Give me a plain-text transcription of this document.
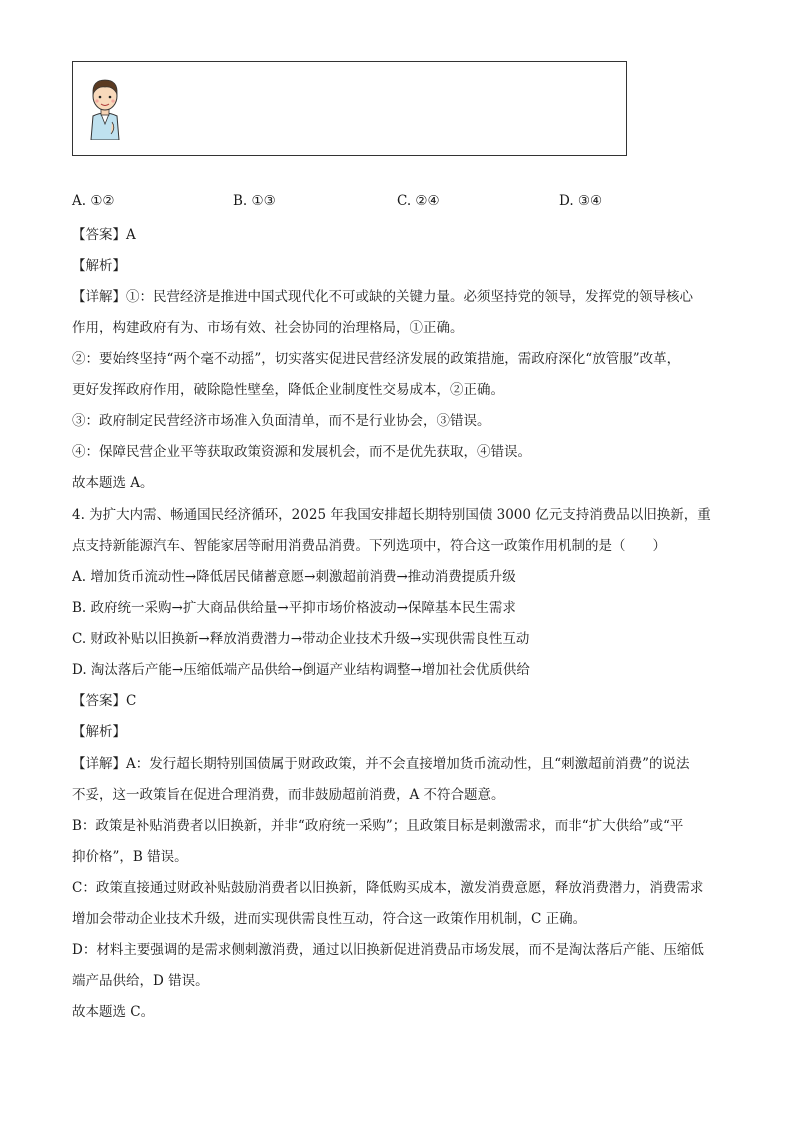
A. ①②	B. ①③	C. ②④	D. ③④
【答案】A
【解析】
【详解】①：民营经济是推进中国式现代化不可或缺的关键力量。必须坚持党的领导，发挥党的领导核心
作用，构建政府有为、市场有效、社会协同的治理格局，①正确。
②：要始终坚持“两个毫不动摇”，切实落实促进民营经济发展的政策措施，需政府深化“放管服”改革，
更好发挥政府作用，破除隐性壁垒，降低企业制度性交易成本，②正确。
③：政府制定民营经济市场准入负面清单，而不是行业协会，③错误。
④：保障民营企业平等获取政策资源和发展机会，而不是优先获取，④错误。
故本题选 A。
4. 为扩大内需、畅通国民经济循环，2025 年我国安排超长期特别国债 3000 亿元支持消费品以旧换新，重
点支持新能源汽车、智能家居等耐用消费品消费。下列选项中，符合这一政策作用机制的是（　　）
A. 增加货币流动性→降低居民储蓄意愿→刺激超前消费→推动消费提质升级
B. 政府统一采购→扩大商品供给量→平抑市场价格波动→保障基本民生需求
C. 财政补贴以旧换新→释放消费潜力→带动企业技术升级→实现供需良性互动
D. 淘汰落后产能→压缩低端产品供给→倒逼产业结构调整→增加社会优质供给
【答案】C
【解析】
【详解】A：发行超长期特别国债属于财政政策，并不会直接增加货币流动性，且“刺激超前消费”的说法
不妥，这一政策旨在促进合理消费，而非鼓励超前消费，A 不符合题意。
B：政策是补贴消费者以旧换新，并非“政府统一采购”；且政策目标是刺激需求，而非“扩大供给”或“平
抑价格”，B 错误。
C：政策直接通过财政补贴鼓励消费者以旧换新，降低购买成本，激发消费意愿，释放消费潜力，消费需求
增加会带动企业技术升级，进而实现供需良性互动，符合这一政策作用机制，C 正确。
D：材料主要强调的是需求侧刺激消费，通过以旧换新促进消费品市场发展，而不是淘汰落后产能、压缩低
端产品供给，D 错误。
故本题选 C。
